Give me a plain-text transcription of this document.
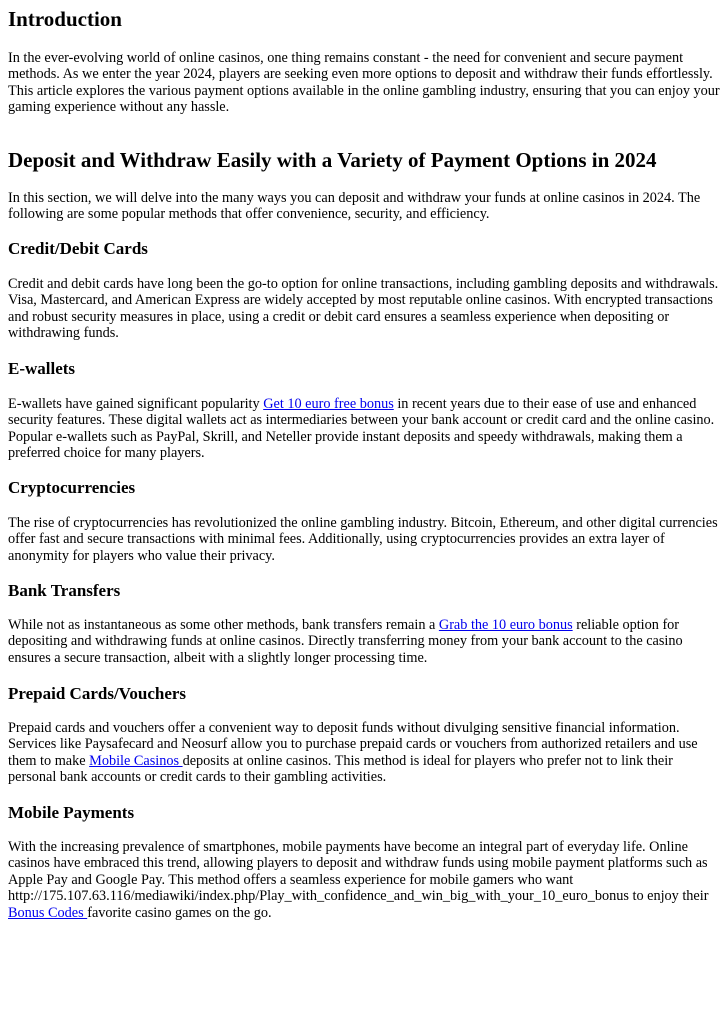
Introduction

In the ever-evolving world of online casinos, one thing remains constant - the need for convenient and secure payment methods. As we enter the year 2024, players are seeking even more options to deposit and withdraw their funds effortlessly. This article explores the various payment options available in the online gambling industry, ensuring that you can enjoy your gaming experience without any hassle.

Deposit and Withdraw Easily with a Variety of Payment Options in 2024

In this section, we will delve into the many ways you can deposit and withdraw your funds at online casinos in 2024. The following are some popular methods that offer convenience, security, and efficiency.

Credit/Debit Cards

Credit and debit cards have long been the go-to option for online transactions, including gambling deposits and withdrawals. Visa, Mastercard, and American Express are widely accepted by most reputable online casinos. With encrypted transactions and robust security measures in place, using a credit or debit card ensures a seamless experience when depositing or withdrawing funds.

E-wallets

E-wallets have gained significant popularity Get 10 euro free bonus in recent years due to their ease of use and enhanced security features. These digital wallets act as intermediaries between your bank account or credit card and the online casino. Popular e-wallets such as PayPal, Skrill, and Neteller provide instant deposits and speedy withdrawals, making them a preferred choice for many players.

Cryptocurrencies

The rise of cryptocurrencies has revolutionized the online gambling industry. Bitcoin, Ethereum, and other digital currencies offer fast and secure transactions with minimal fees. Additionally, using cryptocurrencies provides an extra layer of anonymity for players who value their privacy.

Bank Transfers

While not as instantaneous as some other methods, bank transfers remain a Grab the 10 euro bonus reliable option for depositing and withdrawing funds at online casinos. Directly transferring money from your bank account to the casino ensures a secure transaction, albeit with a slightly longer processing time.

Prepaid Cards/Vouchers

Prepaid cards and vouchers offer a convenient way to deposit funds without divulging sensitive financial information. Services like Paysafecard and Neosurf allow you to purchase prepaid cards or vouchers from authorized retailers and use them to make Mobile Casinos deposits at online casinos. This method is ideal for players who prefer not to link their personal bank accounts or credit cards to their gambling activities.

Mobile Payments

With the increasing prevalence of smartphones, mobile payments have become an integral part of everyday life. Online casinos have embraced this trend, allowing players to deposit and withdraw funds using mobile payment platforms such as Apple Pay and Google Pay. This method offers a seamless experience for mobile gamers who want http://175.107.63.116/mediawiki/index.php/Play_with_confidence_and_win_big_with_your_10_euro_bonus to enjoy their Bonus Codes favorite casino games on the go.
